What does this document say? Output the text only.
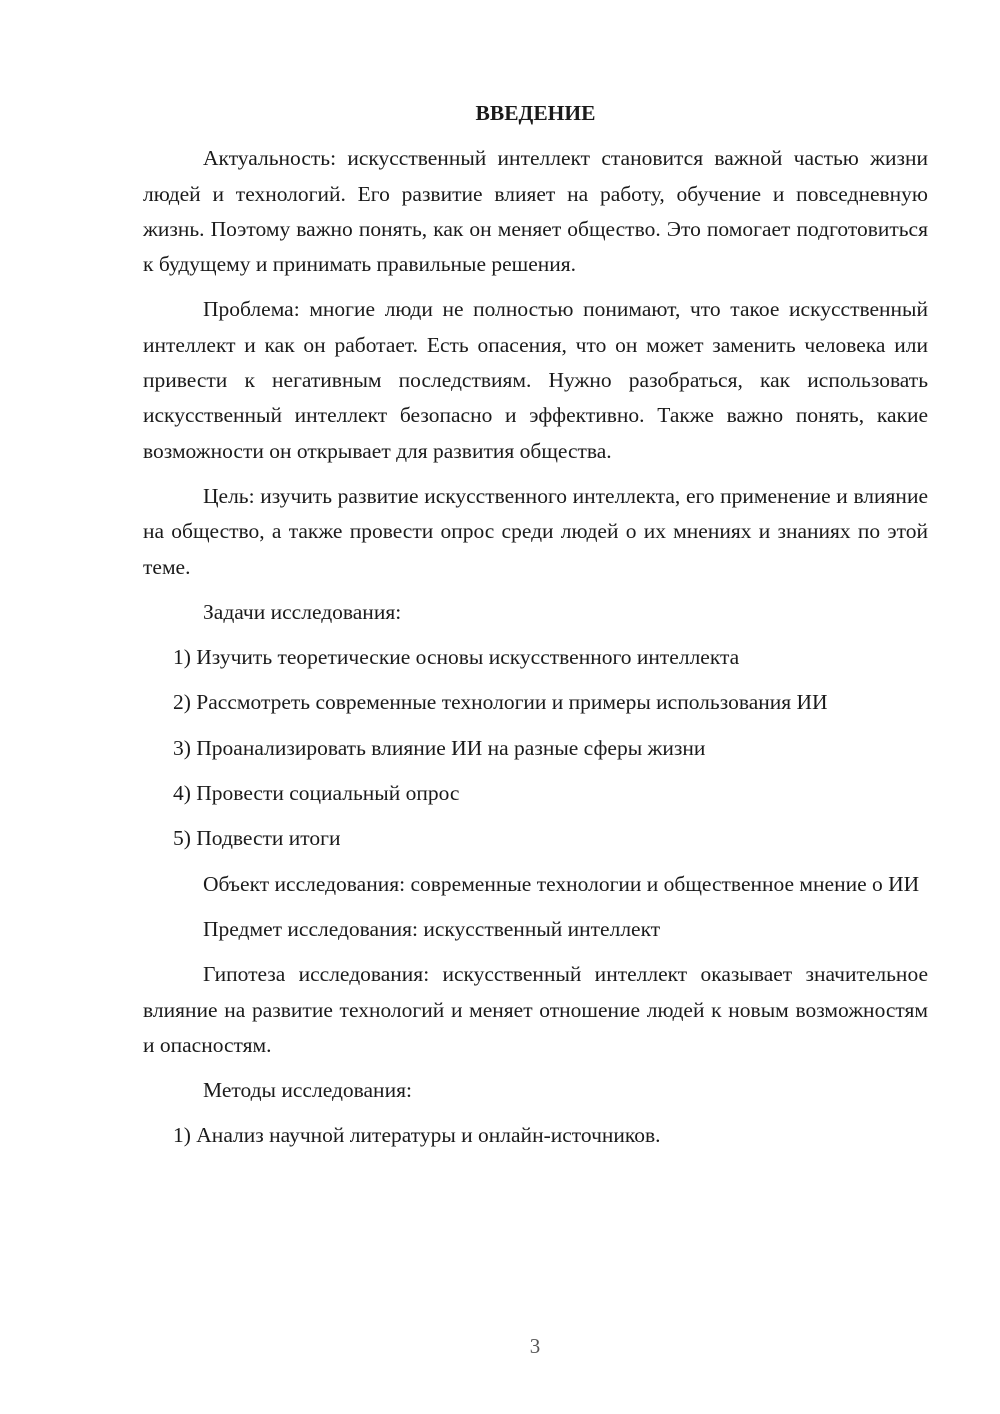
ВВЕДЕНИЕ

Актуальность: искусственный интеллект становится важной частью жизни людей и технологий. Его развитие влияет на работу, обучение и повседневную жизнь. Поэтому важно понять, как он меняет общество. Это помогает подготовиться к будущему и принимать правильные решения.

Проблема: многие люди не полностью понимают, что такое искусственный интеллект и как он работает. Есть опасения, что он может заменить человека или привести к негативным последствиям. Нужно разобраться, как использовать искусственный интеллект безопасно и эффективно. Также важно понять, какие возможности он открывает для развития общества.

Цель: изучить развитие искусственного интеллекта, его применение и влияние на общество, а также провести опрос среди людей о их мнениях и знаниях по этой теме.

Задачи исследования:

1) Изучить теоретические основы искусственного интеллекта

2) Рассмотреть современные технологии и примеры использования ИИ

3) Проанализировать влияние ИИ на разные сферы жизни

4) Провести социальный опрос

5) Подвести итоги

Объект исследования: современные технологии и общественное мнение о ИИ

Предмет исследования: искусственный интеллект

Гипотеза исследования: искусственный интеллект оказывает значительное влияние на развитие технологий и меняет отношение людей к новым возможностям и опасностям.

Методы исследования:

1) Анализ научной литературы и онлайн-источников.

3
